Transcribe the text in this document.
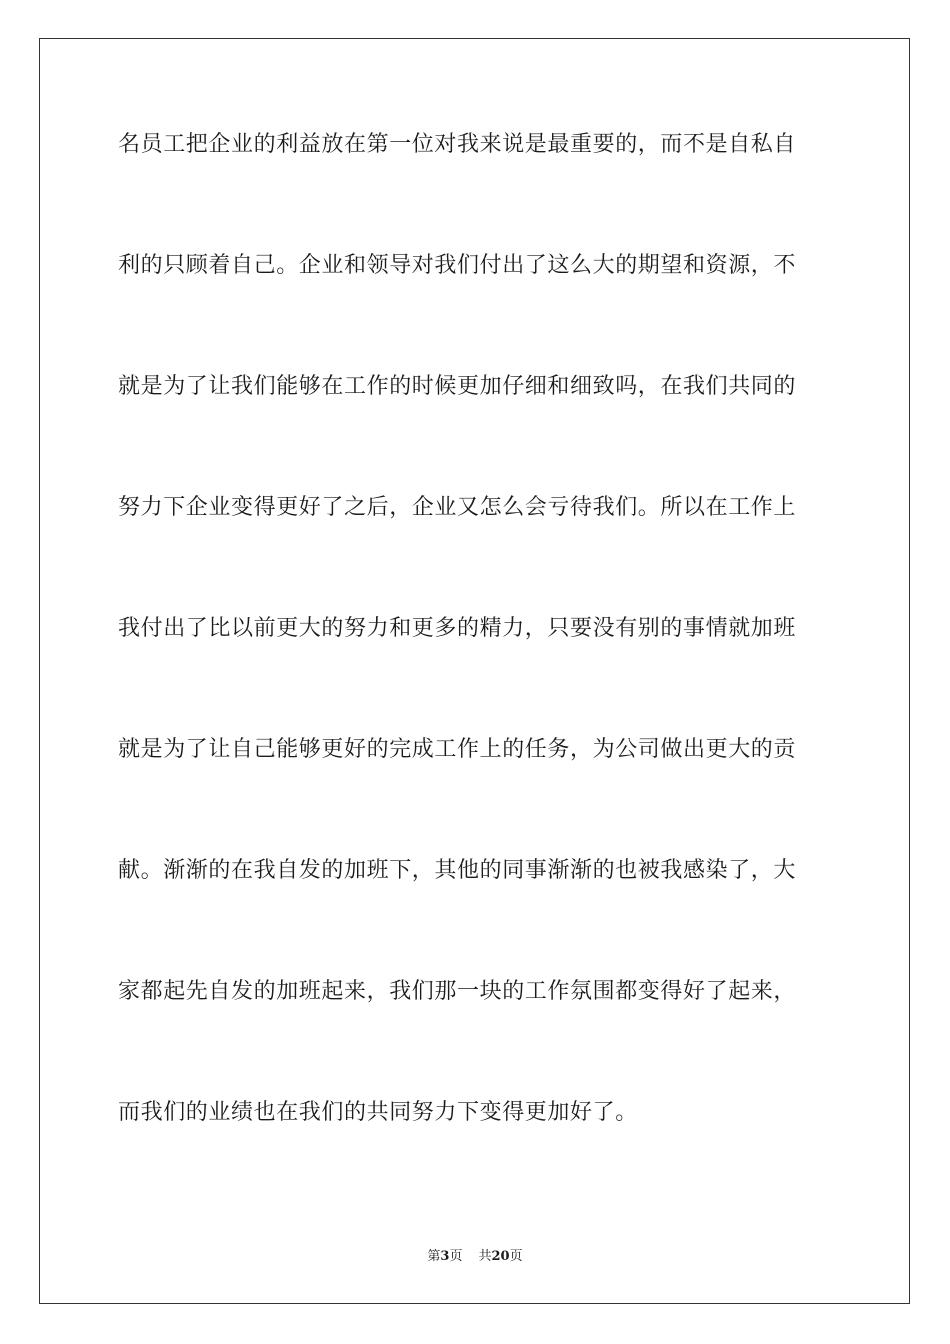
名员工把企业的利益放在第一位对我来说是最重要的，而不是自私自
利的只顾着自己。企业和领导对我们付出了这么大的期望和资源，不
就是为了让我们能够在工作的时候更加仔细和细致吗，在我们共同的
努力下企业变得更好了之后，企业又怎么会亏待我们。所以在工作上
我付出了比以前更大的努力和更多的精力，只要没有别的事情就加班
就是为了让自己能够更好的完成工作上的任务，为公司做出更大的贡
献。渐渐的在我自发的加班下，其他的同事渐渐的也被我感染了，大
家都起先自发的加班起来，我们那一块的工作氛围都变得好了起来，
而我们的业绩也在我们的共同努力下变得更加好了。
第3页 共20页
